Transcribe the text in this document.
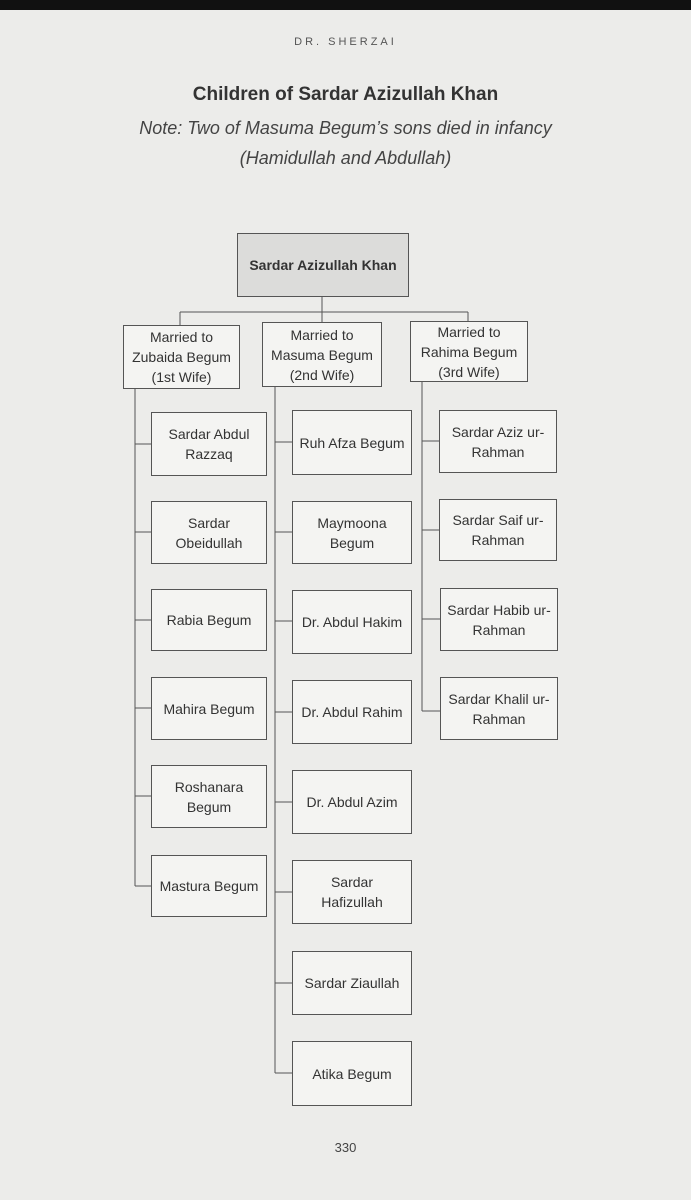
DR. SHERZAI
Children of Sardar Azizullah Khan
Note: Two of Masuma Begum’s sons died in infancy
(Hamidullah and Abdullah)
Sardar Azizullah Khan
Married to
Zubaida Begum
(1st Wife)
Married to
Masuma Begum
(2nd Wife)
Married to
Rahima Begum
(3rd Wife)
Sardar Abdul
Razzaq
Sardar
Obeidullah
Rabia Begum
Mahira Begum
Roshanara
Begum
Mastura Begum
Ruh Afza Begum
Maymoona
Begum
Dr. Abdul Hakim
Dr. Abdul Rahim
Dr. Abdul Azim
Sardar
Hafizullah
Sardar Ziaullah
Atika Begum
Sardar Aziz ur-
Rahman
Sardar Saif ur-
Rahman
Sardar Habib ur-
Rahman
Sardar Khalil ur-
Rahman
330
